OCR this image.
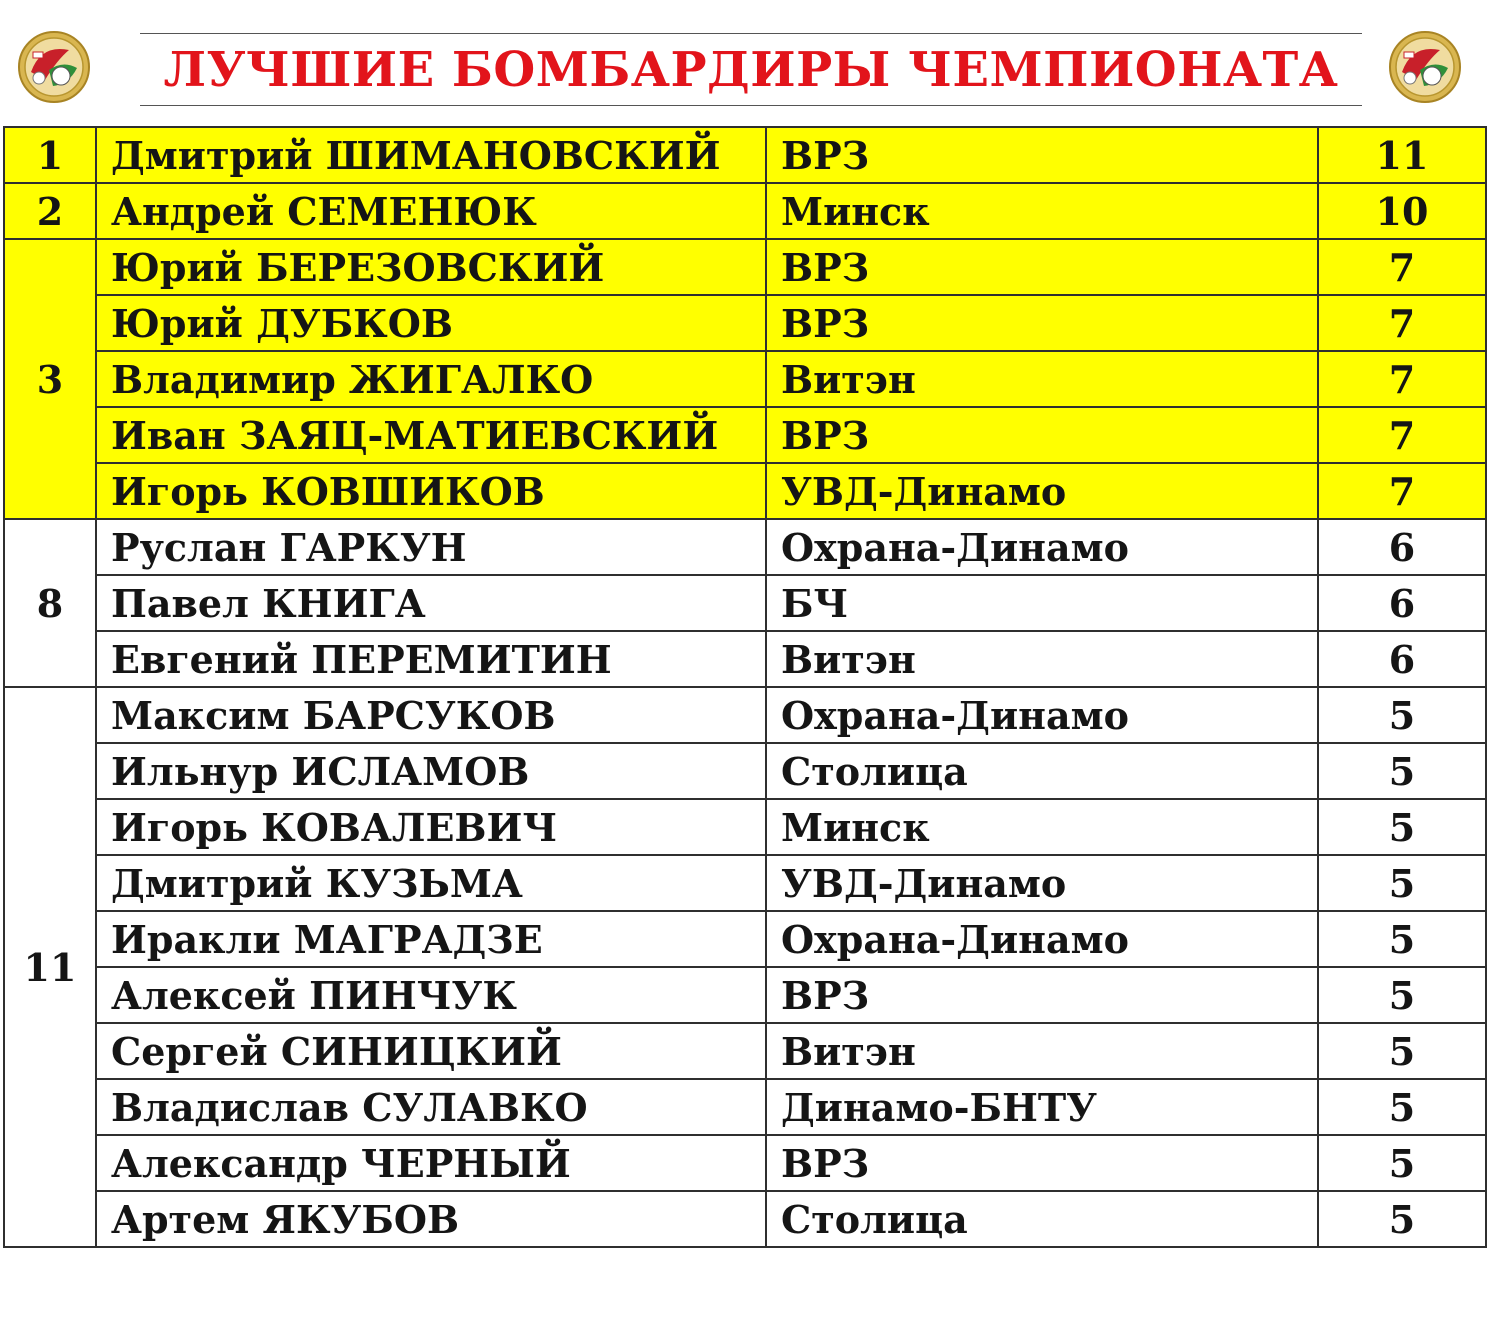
ЛУЧШИЕ БОМБАРДИРЫ ЧЕМПИОНАТА
1	Дмитрий ШИМАНОВСКИЙ	ВРЗ	11
2	Андрей СЕМЕНЮК	Минск	10
3	Юрий БЕРЕЗОВСКИЙ	ВРЗ	7
	Юрий ДУБКОВ	ВРЗ	7
	Владимир ЖИГАЛКО	Витэн	7
	Иван ЗАЯЦ-МАТИЕВСКИЙ	ВРЗ	7
	Игорь КОВШИКОВ	УВД-Динамо	7
8	Руслан ГАРКУН	Охрана-Динамо	6
	Павел КНИГА	БЧ	6
	Евгений ПЕРЕМИТИН	Витэн	6
11	Максим БАРСУКОВ	Охрана-Динамо	5
	Ильнур ИСЛАМОВ	Столица	5
	Игорь КОВАЛЕВИЧ	Минск	5
	Дмитрий КУЗЬМА	УВД-Динамо	5
	Иракли МАГРАДЗЕ	Охрана-Динамо	5
	Алексей ПИНЧУК	ВРЗ	5
	Сергей СИНИЦКИЙ	Витэн	5
	Владислав СУЛАВКО	Динамо-БНТУ	5
	Александр ЧЕРНЫЙ	ВРЗ	5
	Артем ЯКУБОВ	Столица	5
